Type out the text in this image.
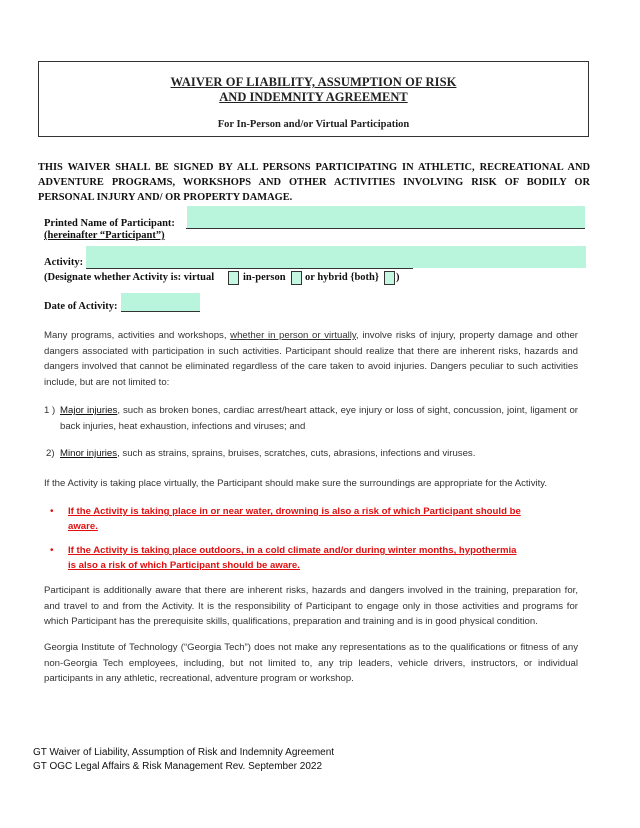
WAIVER OF LIABILITY, ASSUMPTION OF RISK
AND INDEMNITY AGREEMENT
For In-Person and/or Virtual Participation
THIS WAIVER SHALL BE SIGNED BY ALL PERSONS PARTICIPATING IN ATHLETIC, RECREATIONAL AND ADVENTURE PROGRAMS, WORKSHOPS AND OTHER ACTIVITIES INVOLVING RISK OF BODILY OR PERSONAL INJURY AND/ OR PROPERTY DAMAGE.
Printed Name of Participant:
(hereinafter “Participant”)
Activity:
(Designate whether Activity is: virtual	in-person or hybrid {both} )
Date of Activity:
Many programs, activities and workshops, whether in person or virtually, involve risks of injury, property damage and other dangers associated with participation in such activities. Participant should realize that there are inherent risks, hazards and dangers involved that cannot be eliminated regardless of the care taken to avoid injuries. Dangers peculiar to such activities include, but are not limited to:
1 ) Major injuries, such as broken bones, cardiac arrest/heart attack, eye injury or loss of sight, concussion, joint, ligament or back injuries, heat exhaustion, infections and viruses; and
2) Minor injuries, such as strains, sprains, bruises, scratches, cuts, abrasions, infections and viruses.
If the Activity is taking place virtually, the Participant should make sure the surroundings are appropriate for the Activity.
• If the Activity is taking place in or near water, drowning is also a risk of which Participant should be aware.
• If the Activity is taking place outdoors, in a cold climate and/or during winter months, hypothermia is also a risk of which Participant should be aware.
Participant is additionally aware that there are inherent risks, hazards and dangers involved in the training, preparation for, and travel to and from the Activity. It is the responsibility of Participant to engage only in those activities and programs for which Participant has the prerequisite skills, qualifications, preparation and training and is in good physical condition.
Georgia Institute of Technology (“Georgia Tech”) does not make any representations as to the qualifications or fitness of any non-Georgia Tech employees, including, but not limited to, any trip leaders, vehicle drivers, instructors, or individual participants in any athletic, recreational, adventure program or workshop.
GT Waiver of Liability, Assumption of Risk and Indemnity Agreement
GT OGC Legal Affairs & Risk Management Rev. September 2022
